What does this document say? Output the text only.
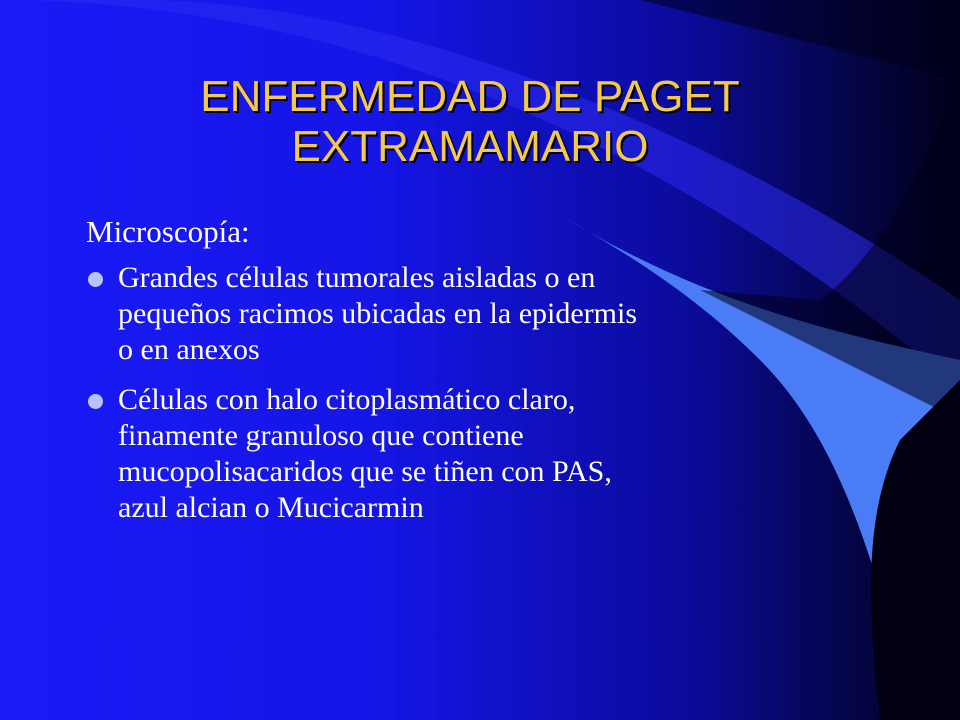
ENFERMEDAD DE PAGET
EXTRAMAMARIO
Microscopía:
Grandes células tumorales aisladas o en
pequeños racimos ubicadas en la epidermis
o en anexos
Células con halo citoplasmático claro,
finamente granuloso que contiene
mucopolisacaridos que se tiñen con PAS,
azul alcian o Mucicarmin
